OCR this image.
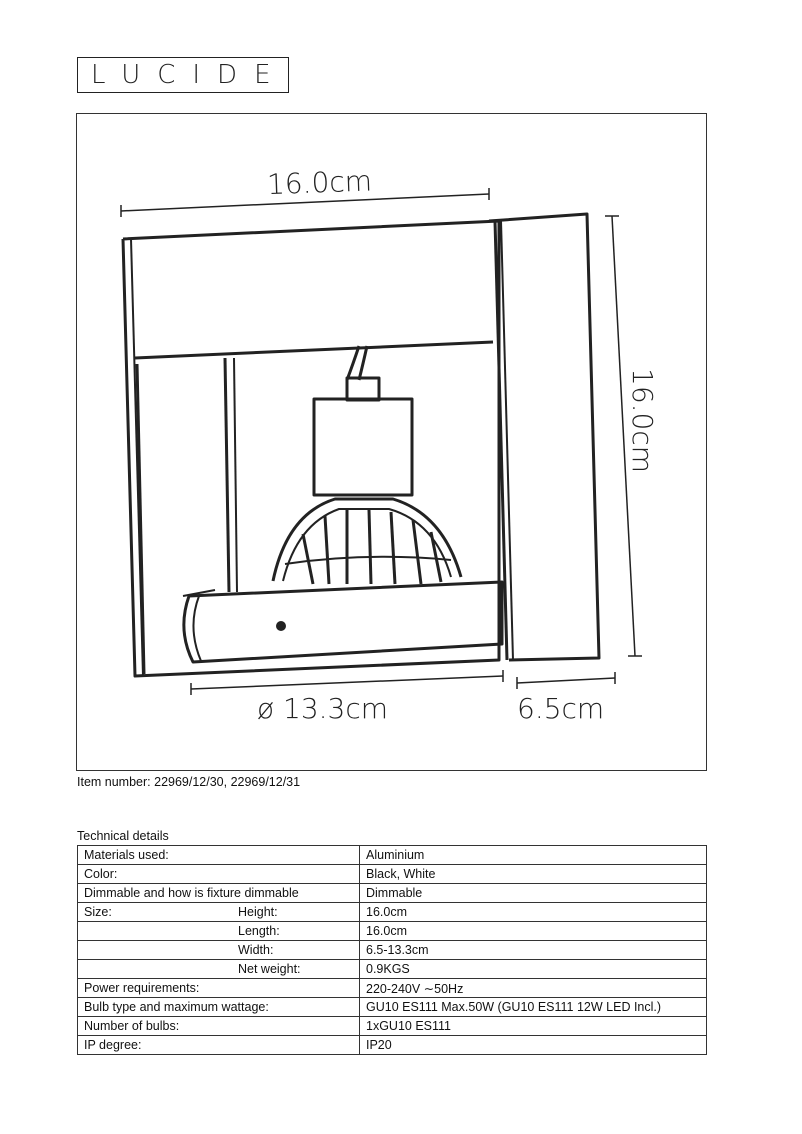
LUCIDE
16.0cm
16.0cm
ø 13.3cm	6.5cm
Item number: 22969/12/30, 22969/12/31
Technical details
Materials used:		Aluminium
Color:		Black, White
Dimmable and how is fixture dimmable		Dimmable
Size:	Height:	16.0cm
	Length:	16.0cm
	Width:	6.5-13.3cm
	Net weight:	0.9KGS
Power requirements:		220-240V ∼50Hz
Bulb type and maximum wattage:		GU10 ES111 Max.50W (GU10 ES111 12W LED Incl.)
Number of bulbs:		1xGU10 ES111
IP degree:		IP20
